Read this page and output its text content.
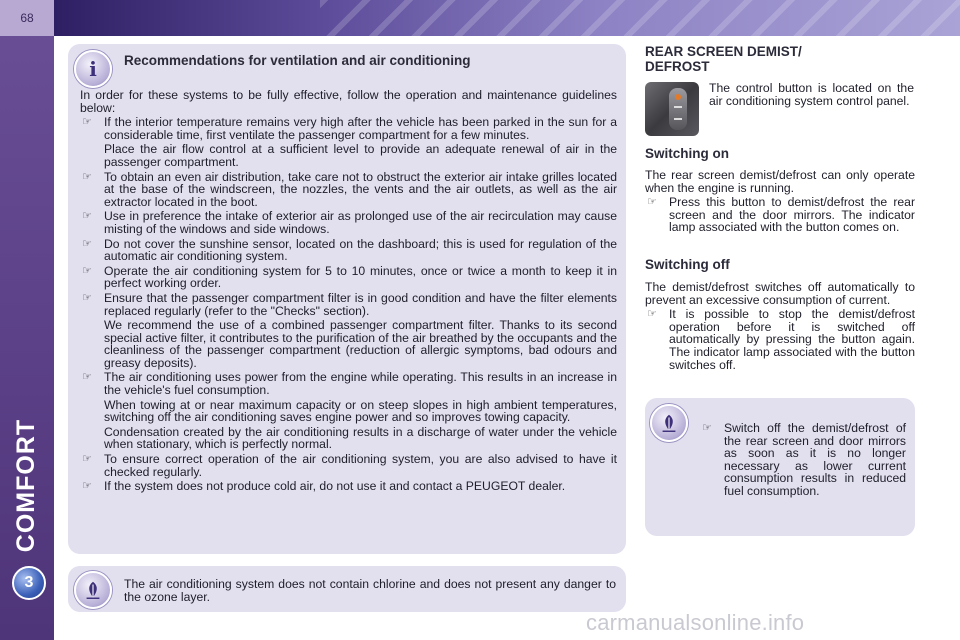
68
COMFORT
3
i	Recommendations for ventilation and air conditioning

In order for these systems to be fully effective, follow the operation and maintenance guidelines below:

☞ If the interior temperature remains very high after the vehicle has been parked in the sun for a considerable time, first ventilate the passenger compartment for a few minutes.
Place the air flow control at a sufficient level to provide an adequate renewal of air in the passenger compartment.
☞ To obtain an even air distribution, take care not to obstruct the exterior air intake grilles located at the base of the windscreen, the nozzles, the vents and the air outlets, as well as the air extractor located in the boot.
☞ Use in preference the intake of exterior air as prolonged use of the air recirculation may cause misting of the windows and side windows.
☞ Do not cover the sunshine sensor, located on the dashboard; this is used for regulation of the automatic air conditioning system.
☞ Operate the air conditioning system for 5 to 10 minutes, once or twice a month to keep it in perfect working order.
☞ Ensure that the passenger compartment filter is in good condition and have the filter elements replaced regularly (refer to the "Checks" section).
We recommend the use of a combined passenger compartment filter. Thanks to its second special active filter, it contributes to the purification of the air breathed by the occupants and the cleanliness of the passenger compartment (reduction of allergic symptoms, bad odours and greasy deposits).
☞ The air conditioning uses power from the engine while operating. This results in an increase in the vehicle's fuel consumption.
When towing at or near maximum capacity or on steep slopes in high ambient temperatures, switching off the air conditioning saves engine power and so improves towing capacity.
Condensation created by the air conditioning results in a discharge of water under the vehicle when stationary, which is perfectly normal.
☞ To ensure correct operation of the air conditioning system, you are also advised to have it checked regularly.
☞ If the system does not produce cold air, do not use it and contact a PEUGEOT dealer.
The air conditioning system does not contain chlorine and does not present any danger to the ozone layer.
REAR SCREEN DEMIST/
DEFROST
The control button is located on the air conditioning system control panel.
Switching on

The rear screen demist/defrost can only operate when the engine is running.

☞ Press this button to demist/defrost the rear screen and the door mirrors. The indicator lamp associated with the button comes on.
Switching off

The demist/defrost switches off automatically to prevent an excessive consumption of current.

☞ It is possible to stop the demist/defrost operation before it is switched off automatically by pressing the button again. The indicator lamp associated with the button switches off.
☞ Switch off the demist/defrost of the rear screen and door mirrors as soon as it is no longer necessary as lower current consumption results in reduced fuel consumption.
carmanualsonline.info
